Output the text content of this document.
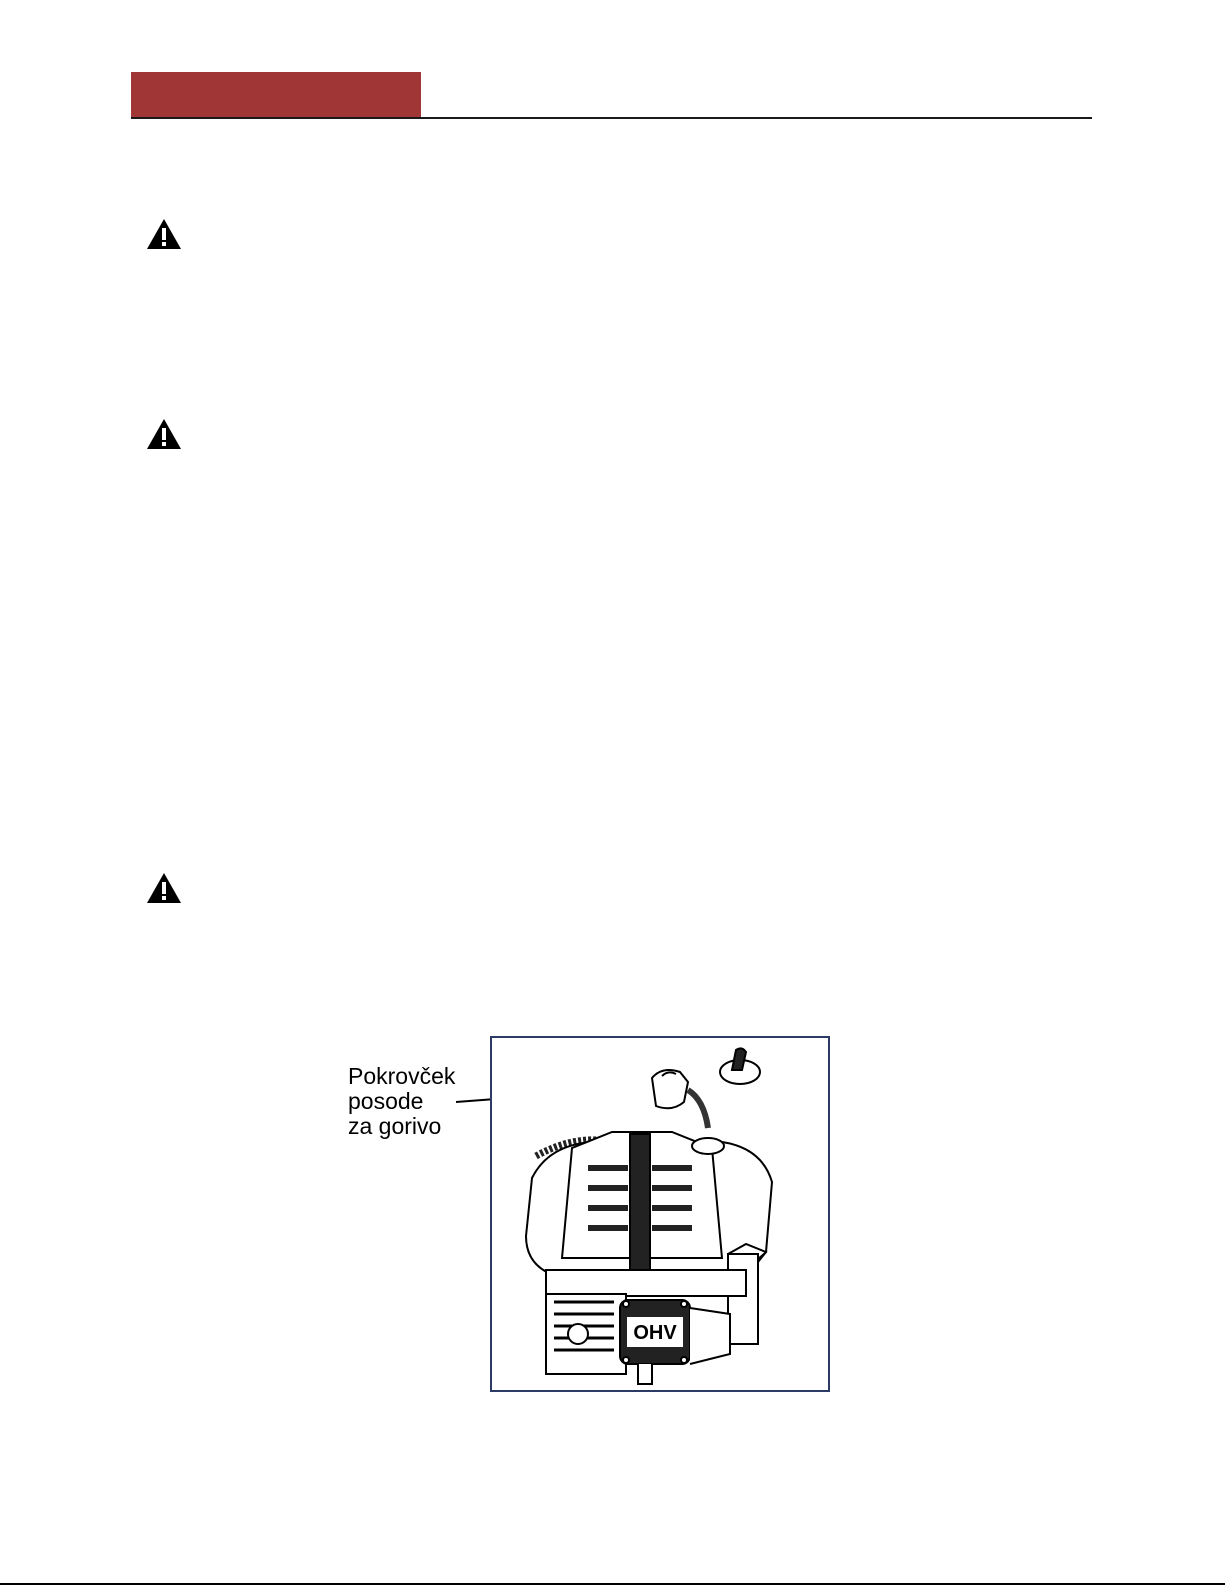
Pokrovček
posode
za gorivo
OHV
